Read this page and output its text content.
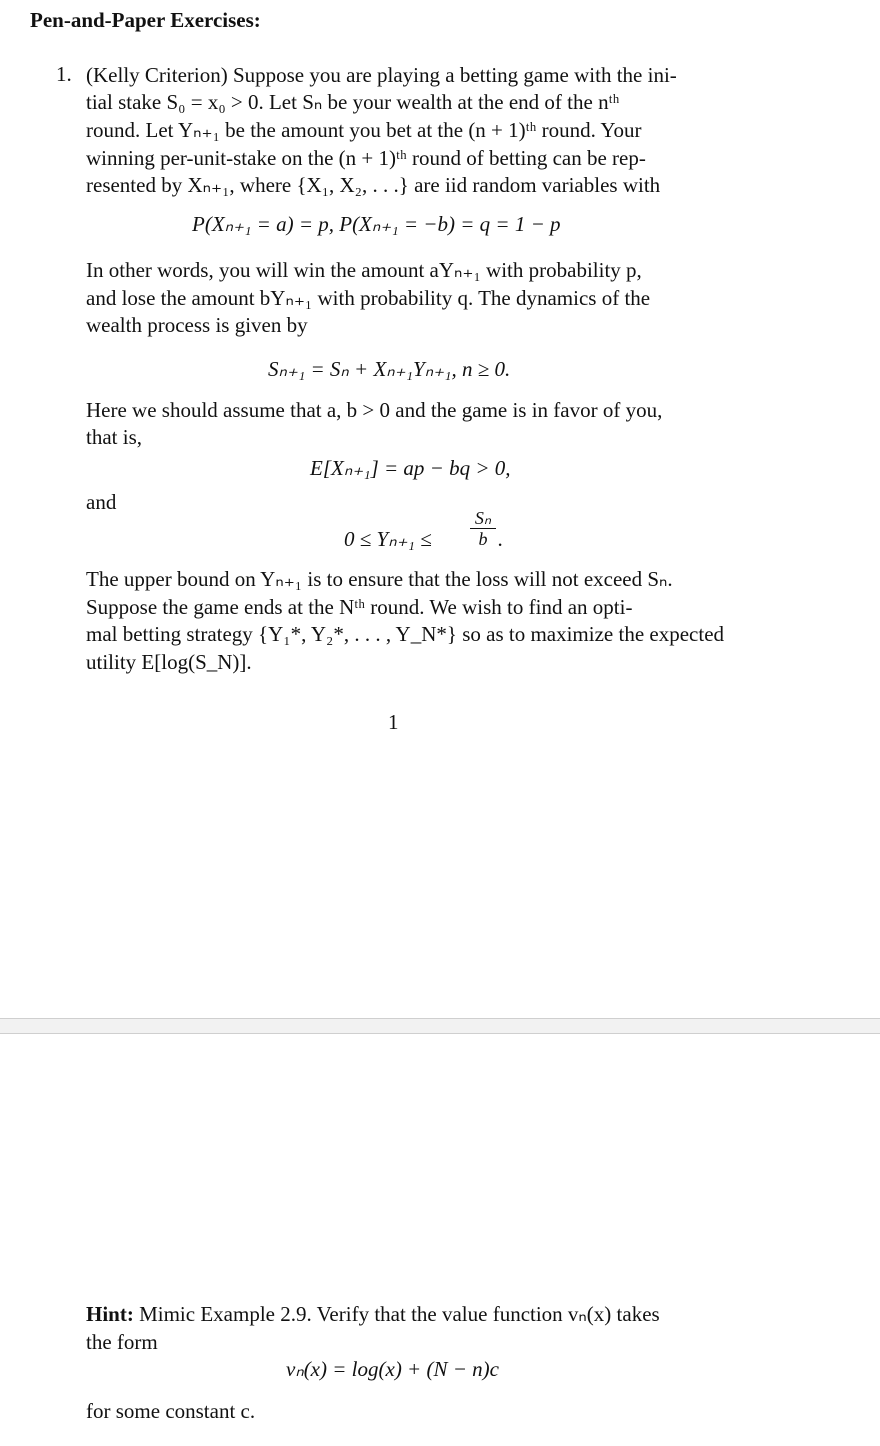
Pen-and-Paper Exercises:
1. (Kelly Criterion) Suppose you are playing a betting game with the ini-
tial stake S₀ = x₀ > 0. Let Sₙ be your wealth at the end of the nᵗʰ
round. Let Yₙ₊₁ be the amount you bet at the (n + 1)ᵗʰ round. Your
winning per-unit-stake on the (n + 1)ᵗʰ round of betting can be rep-
resented by Xₙ₊₁, where {X₁, X₂, . . .} are iid random variables with
P(Xₙ₊₁ = a) = p, P(Xₙ₊₁ = −b) = q = 1 − p
In other words, you will win the amount aYₙ₊₁ with probability p,
and lose the amount bYₙ₊₁ with probability q. The dynamics of the
wealth process is given by
Sₙ₊₁ = Sₙ + Xₙ₊₁Yₙ₊₁, n ≥ 0.
Here we should assume that a, b > 0 and the game is in favor of you,
that is,
E[Xₙ₊₁] = ap − bq > 0,
and
$0 \le Y_{n+1} \le \frac{\text{Sₙ}}{b}$ .
The upper bound on Yₙ₊₁ is to ensure that the loss will not exceed Sₙ.
Suppose the game ends at the Nᵗʰ round. We wish to find an opti-
mal betting strategy {Y₁*, Y₂*, . . . , Y_N*} so as to maximize the expected
utility E[log(S_N)].
1
Hint: Mimic Example 2.9. Verify that the value function vₙ(x) takes
the form
vₙ(x) = log(x) + (N − n)c
for some constant c.
